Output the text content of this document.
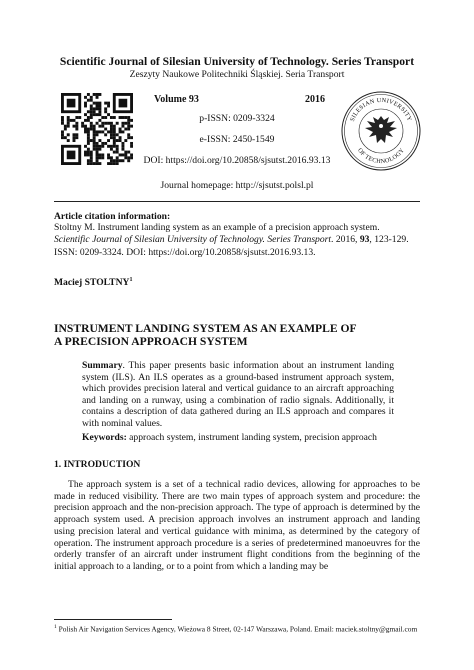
Scientific Journal of Silesian University of Technology. Series Transport
Zeszyty Naukowe Politechniki Śląskiej. Seria Transport
Volume 93	2016
p-ISSN: 0209-3324
e-ISSN: 2450-1549
DOI: https://doi.org/10.20858/sjsutst.2016.93.13
Journal homepage: http://sjsutst.polsl.pl
SILESIAN UNIVERSITY
OF TECHNOLOGY
Article citation information:
Stoltny M. Instrument landing system as an example of a precision approach system.
Scientific Journal of Silesian University of Technology. Series Transport. 2016, 93, 123-129.
ISSN: 0209-3324. DOI: https://doi.org/10.20858/sjsutst.2016.93.13.
Maciej STOLTNY$^1$
INSTRUMENT LANDING SYSTEM AS AN EXAMPLE OF
A PRECISION APPROACH SYSTEM
Summary. This paper presents basic information about an instrument landing system (ILS). An ILS operates as a ground-based instrument approach system, which provides precision lateral and vertical guidance to an aircraft approaching and landing on a runway, using a combination of radio signals. Additionally, it contains a description of data gathered during an ILS approach and compares it with nominal values.
Keywords: approach system, instrument landing system, precision approach
1. INTRODUCTION
The approach system is a set of a technical radio devices, allowing for approaches to be made in reduced visibility. There are two main types of approach system and procedure: the precision approach and the non-precision approach. The type of approach is determined by the approach system used. A precision approach involves an instrument approach and landing using precision lateral and vertical guidance with minima, as determined by the category of operation. The instrument approach procedure is a series of predetermined manoeuvres for the orderly transfer of an aircraft under instrument flight conditions from the beginning of the initial approach to a landing, or to a point from which a landing may be
$^1$ Polish Air Navigation Services Agency, Wieżowa 8 Street, 02-147 Warszawa, Poland. Email: maciek.stoltny@gmail.com
